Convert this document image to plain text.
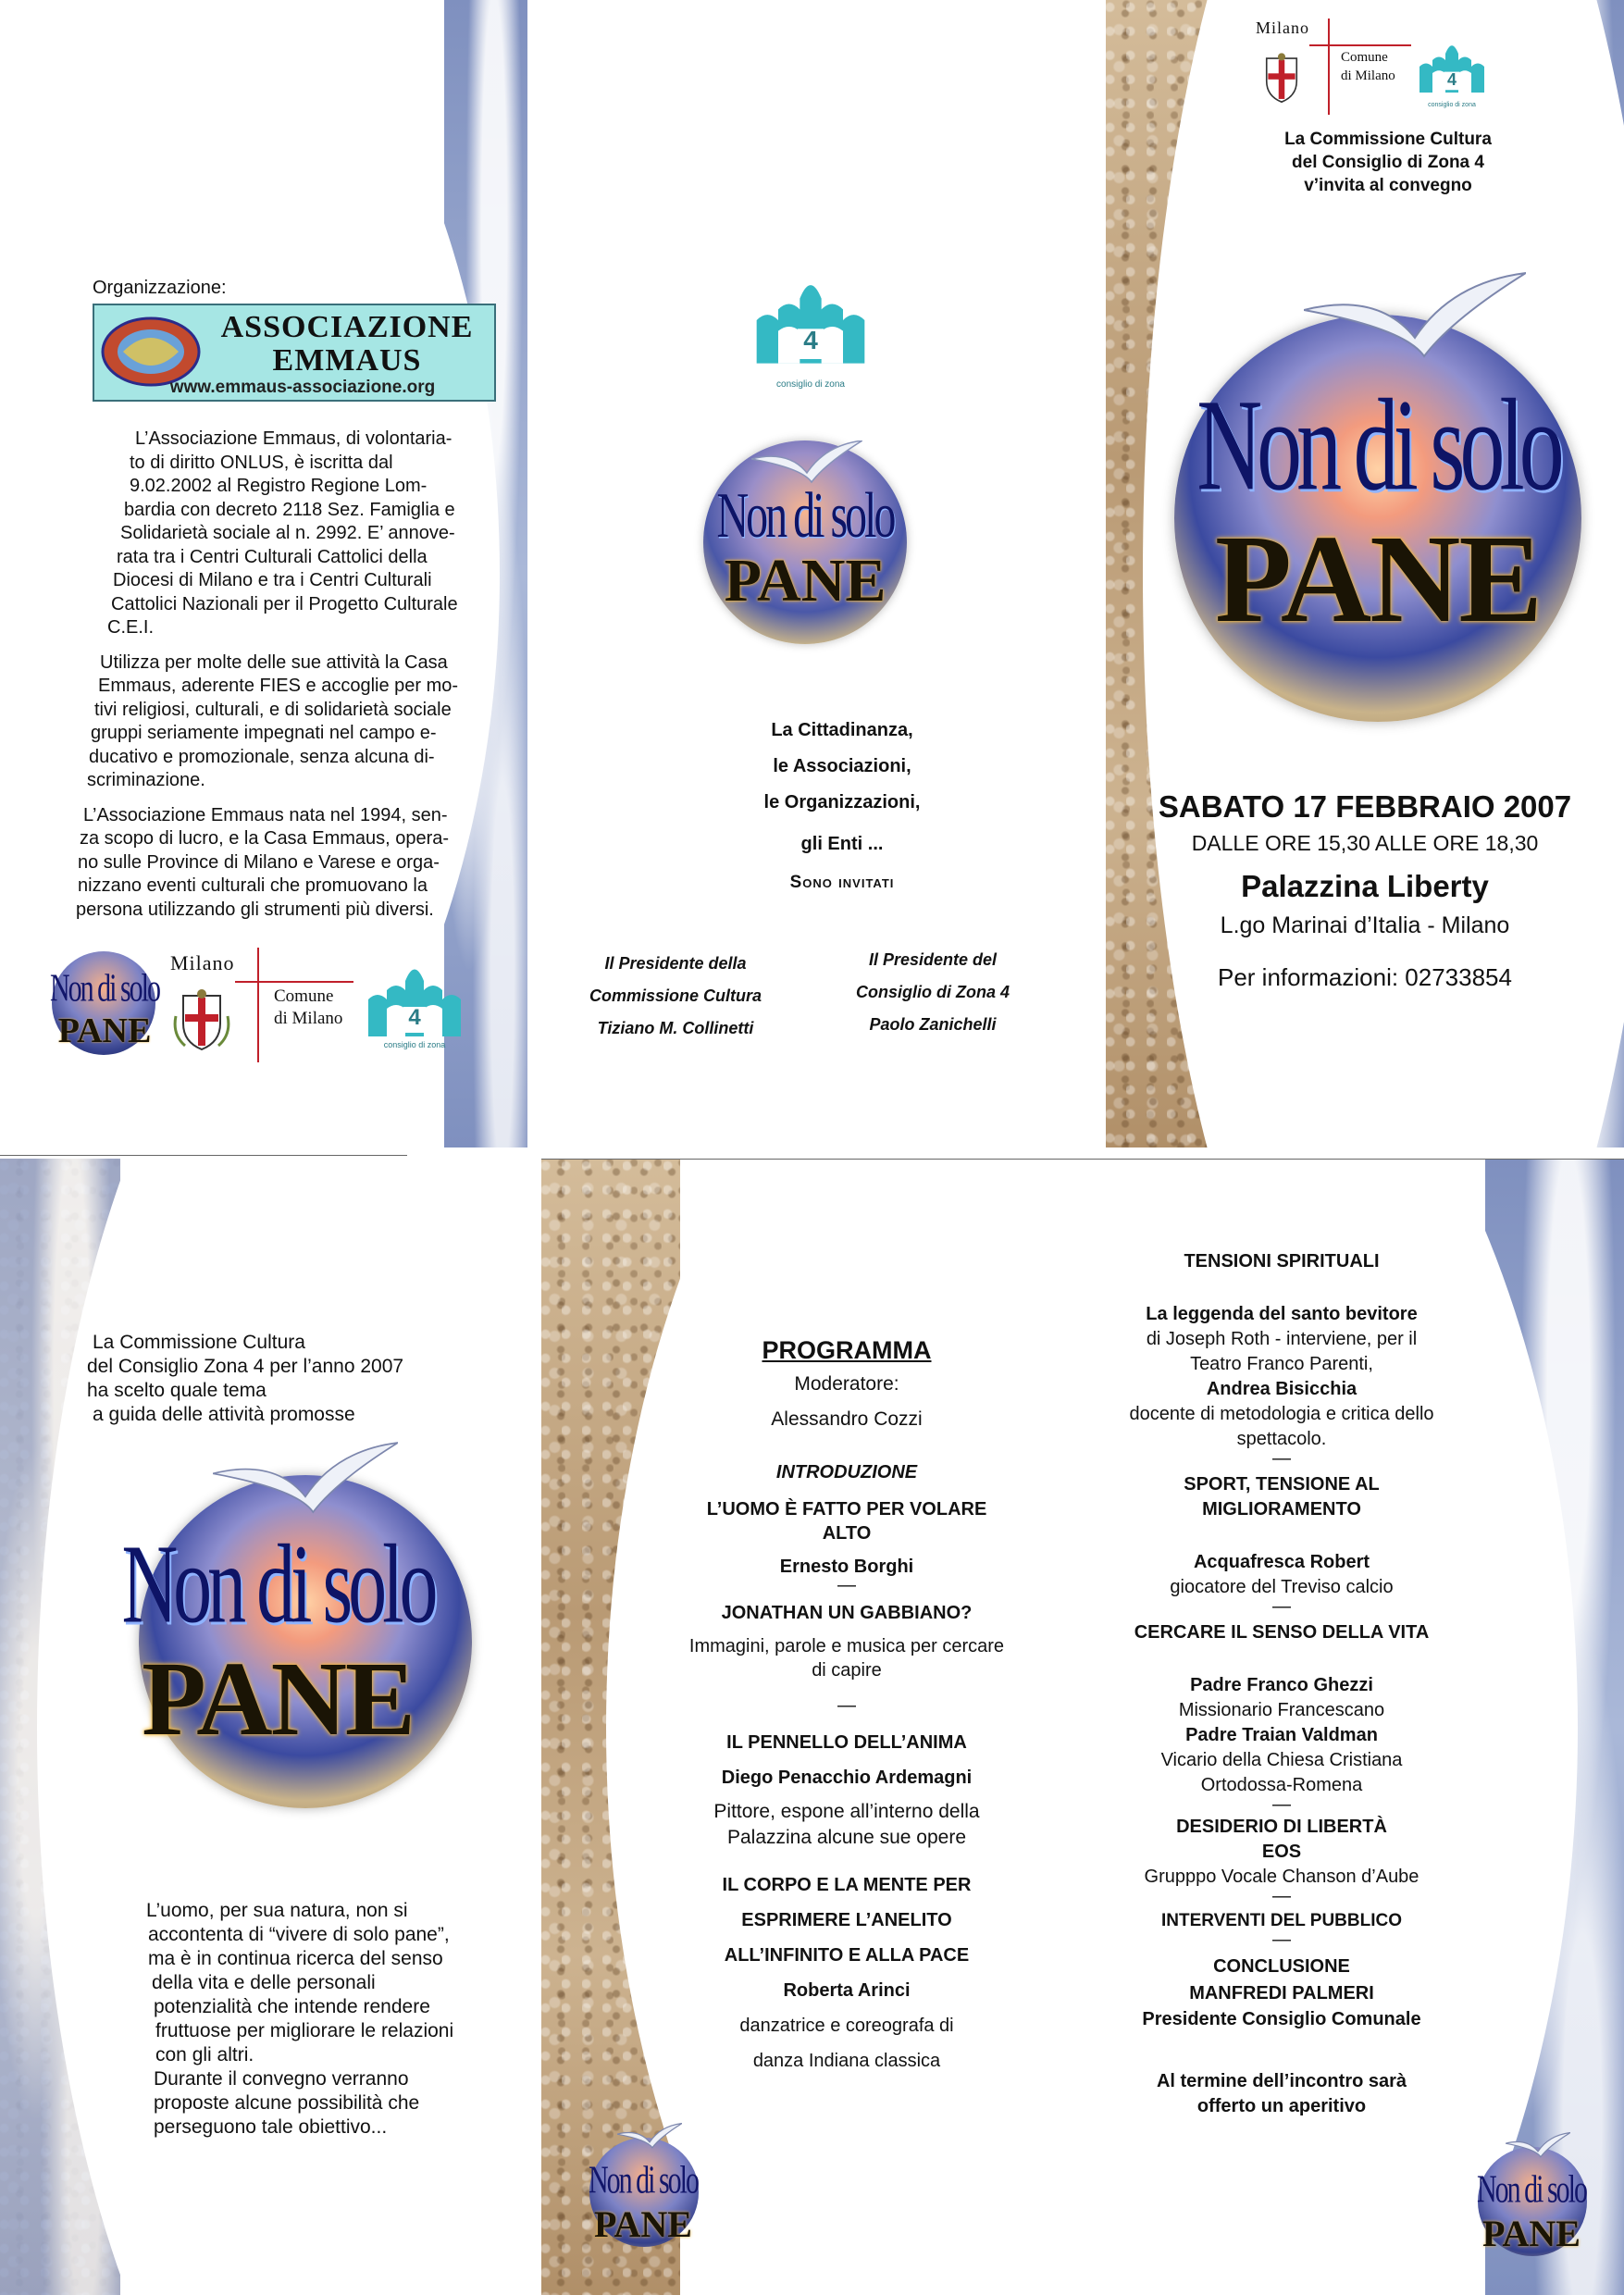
Organizzazione:

ASSOCIAZIONE EMMAUS

www.emmaus-associazione.org

L’Associazione Emmaus, di volontaria-
to di diritto ONLUS, è iscritta dal
9.02.2002 al Registro Regione Lom-
bardia con decreto 2118 Sez. Famiglia e
Solidarietà sociale al n. 2992. E’ annove-
rata tra i Centri Culturali Cattolici della
Diocesi di Milano e tra i Centri Culturali
Cattolici Nazionali per il Progetto Culturale
C.E.I.
Utilizza per molte delle sue attività la Casa
Emmaus, aderente FIES e accoglie per mo-
tivi religiosi, culturali, e di solidarietà sociale
gruppi seriamente impegnati nel campo e-
ducativo e promozionale, senza alcuna di-
scriminazione.
L’Associazione Emmaus nata nel 1994, sen-
za scopo di lucro, e la Casa Emmaus, opera-
no sulle Province di Milano e Varese e orga-
nizzano eventi culturali che promuovano la
persona utilizzando gli strumenti più diversi.
Non di solo
PANE

Milano

Comune

di Milano	4
consiglio di zona
4
consiglio di zona
Non di solo
PANE
La Cittadinanza,
le Associazioni,
le Organizzazioni,
gli Enti ...
Sono invitati
Il Presidente della
Commissione Cultura
Tiziano M. Collinetti
Il Presidente del
Consiglio di Zona 4
Paolo Zanichelli

Milano

Comune

di Milano	4
consiglio di zona
La Commissione Cultura
del Consiglio di Zona 4
v’invita al convegno
Non di solo
PANE
SABATO 17 FEBBRAIO 2007
DALLE ORE 15,30 ALLE ORE 18,30
Palazzina Liberty
L.go Marinai d’Italia - Milano
Per informazioni: 02733854
La Commissione Cultura
del Consiglio Zona 4 per l’anno 2007
ha scelto quale tema
a guida delle attività promosse
Non di solo
PANE
L’uomo, per sua natura, non si
accontenta di “vivere di solo pane”,
ma è in continua ricerca del senso
della vita e delle personali
potenzialità che intende rendere
fruttuose per migliorare le relazioni
con gli altri.
Durante il convegno verranno
proposte alcune possibilità che
perseguono tale obiettivo...
PROGRAMMA
Moderatore:
Alessandro Cozzi
INTRODUZIONE
L’UOMO È FATTO PER VOLARE
ALTO
Ernesto Borghi
—
JONATHAN UN GABBIANO?
Immagini, parole e musica per cercare
di capire
—
IL PENNELLO DELL’ANIMA
Diego Penacchio Ardemagni
Pittore, espone all’interno della
Palazzina alcune sue opere
IL CORPO E LA MENTE PER
ESPRIMERE L’ANELITO
ALL’INFINITO E ALLA PACE
Roberta Arinci
danzatrice e coreografa di
danza Indiana classica
Non di solo
PANE
TENSIONI SPIRITUALI
La leggenda del santo bevitore
di Joseph Roth - interviene, per il
Teatro Franco Parenti,
Andrea Bisicchia
docente di metodologia e critica dello
spettacolo.
—
SPORT, TENSIONE AL
MIGLIORAMENTO
Acquafresca Robert
giocatore del Treviso calcio
—
CERCARE IL SENSO DELLA VITA
Padre Franco Ghezzi
Missionario Francescano
Padre Traian Valdman
Vicario della Chiesa Cristiana
Ortodossa-Romena
—
DESIDERIO DI LIBERTÀ
EOS
Grupppo Vocale Chanson d’Aube
—
INTERVENTI DEL PUBBLICO
—
CONCLUSIONE
MANFREDI PALMERI
Presidente Consiglio Comunale
Al termine dell’incontro sarà
offerto un aperitivo
Non di solo
PANE
